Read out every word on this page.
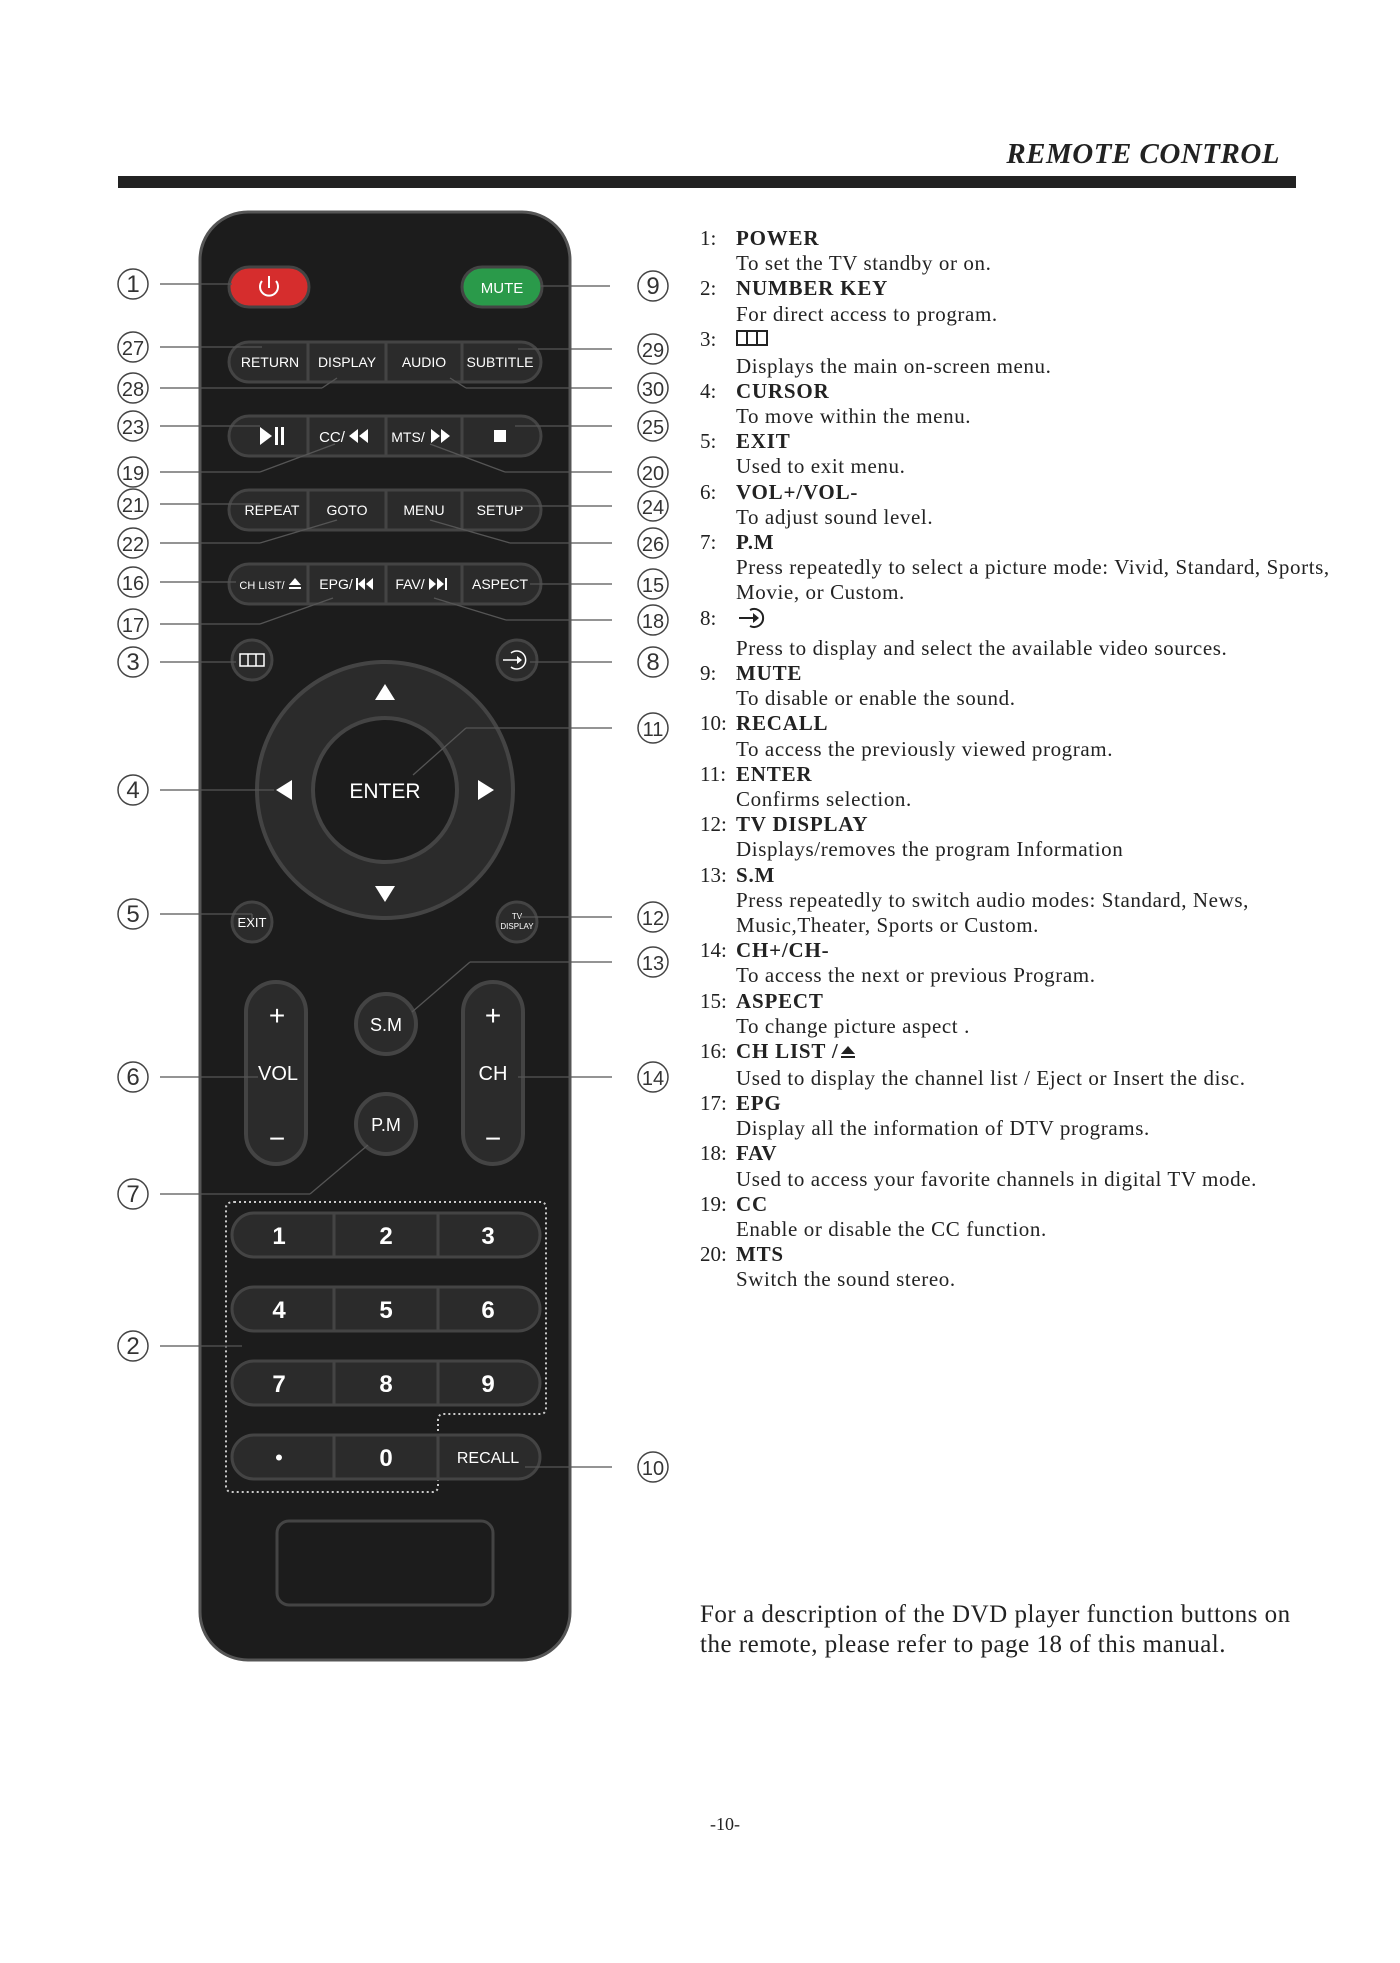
REMOTE CONTROL
MUTE
RETURN DISPLAY AUDIO SUBTITLE
CC/	MTS/
REPEAT GOTO	MENU SETUP
CH LIST/ EPG/	FAV/	ASPECT
ENTER
EXIT	TV
DISPLAY
+
VOL
−
+
CH
−
S.M
P.M
1	2	3
4	5	6
7	8	9
•	0	RECALL
1
27
28
23
19
21
22
16
17
3
4
5
6
7
2
9
29
30
25
20
24
26
15
18
8
11
12
13
14
10
1: POWER
To set the TV standby or on.
2: NUMBER KEY
For direct access to program.
3:
Displays the main on-screen menu.
4: CURSOR
To move within the menu.
5: EXIT
Used to exit menu.
6: VOL+/VOL-
To adjust sound level.
7: P.M
Press repeatedly to select a picture mode: Vivid, Standard, Sports, Movie, or Custom.
8:
Press to display and select the available video sources.
9: MUTE
To disable or enable the sound.
10: RECALL
To access the previously viewed program.
11: ENTER
Confirms selection.
12: TV DISPLAY
Displays/removes the program Information
13: S.M
Press repeatedly to switch audio modes: Standard, News, Music,Theater, Sports or Custom.
14: CH+/CH-
To access the next or previous Program.
15: ASPECT
To change picture aspect .
16: CH LIST /
Used to display the channel list / Eject or Insert the disc.
17: EPG
Display all the information of DTV programs.
18: FAV
Used to access your favorite channels in digital TV mode.
19: CC
Enable or disable the CC function.
20: MTS
Switch the sound stereo.
For a description of the DVD player function buttons on the remote, please refer to page 18 of this manual.
-10-
